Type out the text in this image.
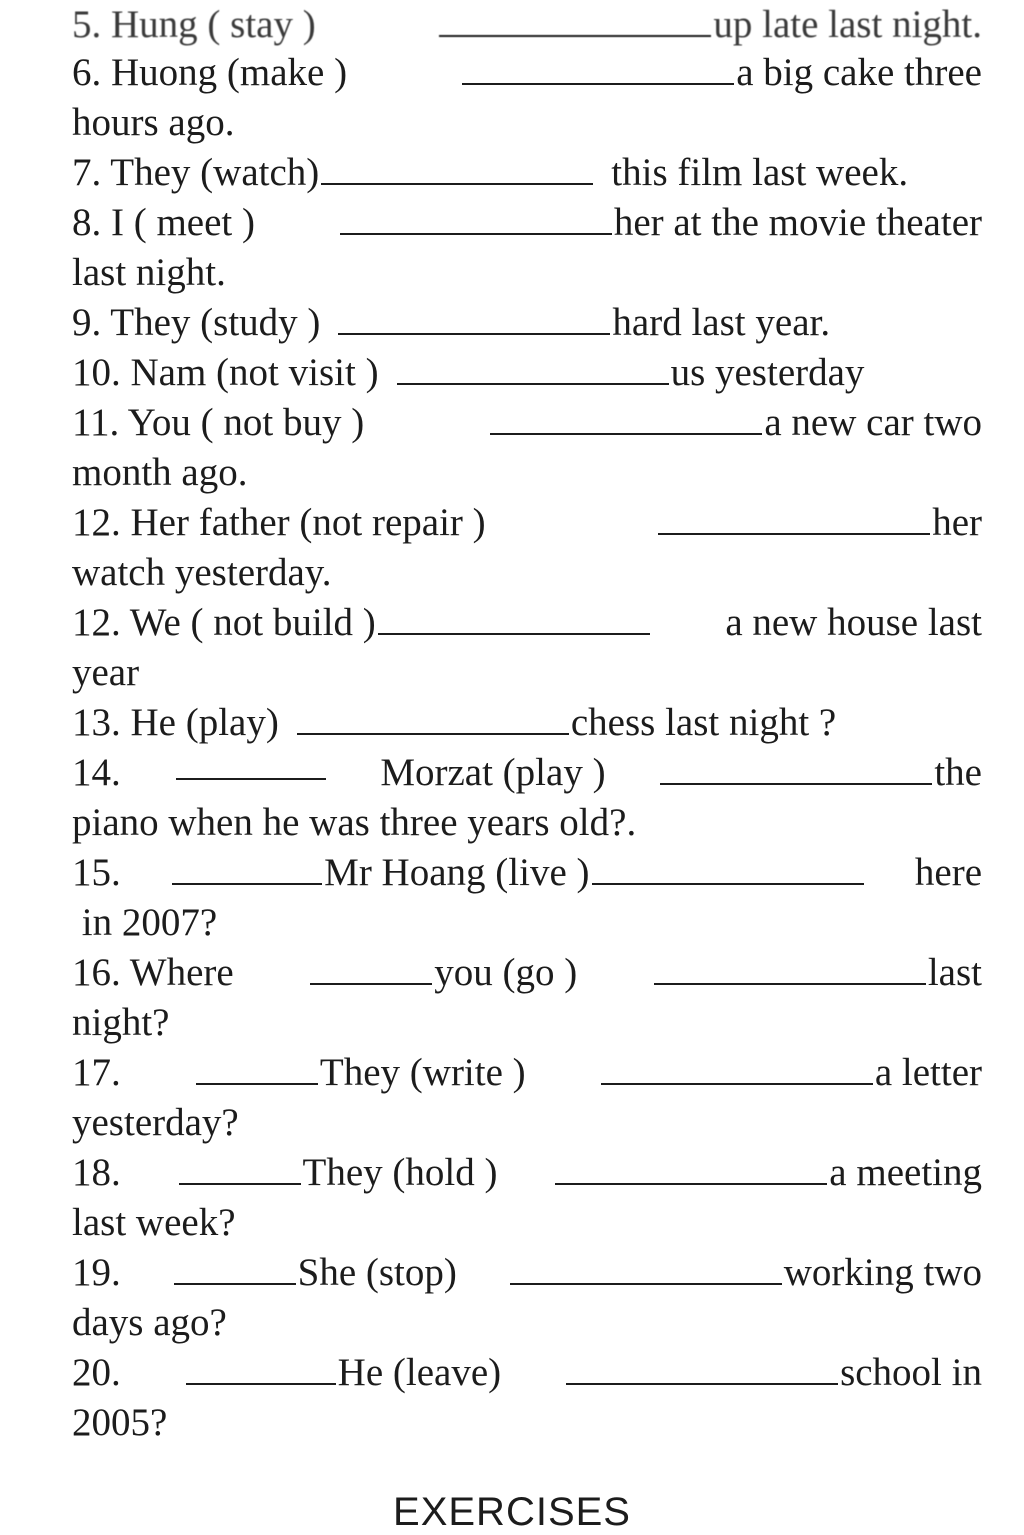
5. Hung ( stay )	up late last night.
6. Huong (make )	a big cake three
hours ago.
7. They (watch)	this film last week.
8. I ( meet )	her at the movie theater
last night.
9. They (study )	hard last year.
10. Nam (not visit )	us yesterday
11. You ( not buy )	a new car two
month ago.
12. Her father (not repair )	her
watch yesterday.
12. We ( not build )	a new house last
year
13. He (play)	chess last night ?
14.	Morzat (play )	the
piano when he was three years old?.
15.	Mr Hoang (live )	here
in 2007?
16. Where	you (go )	last
night?
17.	They (write )	a letter
yesterday?
18.	They (hold )	a meeting
last week?
19.	She (stop)	working two
days ago?
20.	He (leave)	school in
2005?
EXERCISES
